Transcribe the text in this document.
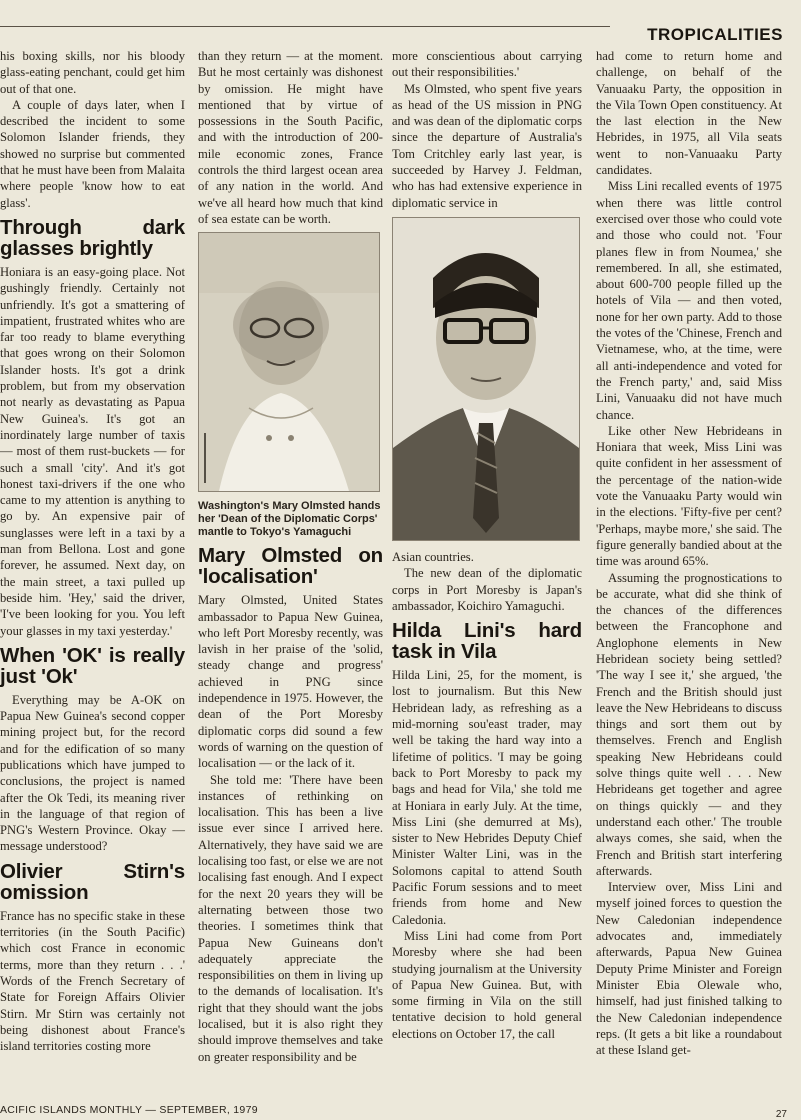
TROPICALITIES

his boxing skills, nor his bloody glass-eating penchant, could get him out of that one.

A couple of days later, when I described the incident to some Solomon Islander friends, they showed no surprise but commented that he must have been from Malaita where people 'know how to eat glass'.

Through dark glasses brightly

Honiara is an easy-going place. Not gushingly friendly. Certainly not unfriendly. It's got a smattering of impatient, frustrated whites who are far too ready to blame everything that goes wrong on their Solomon Islander hosts. It's got a drink problem, but from my observation not nearly as devastating as Papua New Guinea's. It's got an inordinately large number of taxis — most of them rust-buckets — for such a small 'city'. And it's got honest taxi-drivers if the one who came to my attention is anything to go by. An expensive pair of sunglasses were left in a taxi by a man from Bellona. Lost and gone forever, he assumed. Next day, on the main street, a taxi pulled up beside him. 'Hey,' said the driver, 'I've been looking for you. You left your glasses in my taxi yesterday.'

When 'OK' is really just 'Ok'

Everything may be A-OK on Papua New Guinea's second copper mining project but, for the record and for the edification of so many publications which have jumped to conclusions, the project is named after the Ok Tedi, its meaning river in the language of that region of PNG's Western Province. Okay — message understood?

Olivier Stirn's omission

France has no specific stake in these territories (in the South Pacific) which cost France in economic terms, more than they return . . .' Words of the French Secretary of State for Foreign Affairs Olivier Stirn. Mr Stirn was certainly not being dishonest about France's island territories costing more

than they return — at the moment. But he most certainly was dishonest by omission. He might have mentioned that by virtue of possessions in the South Pacific, and with the introduction of 200-mile economic zones, France controls the third largest ocean area of any nation in the world. And we've all heard how much that kind of sea estate can be worth.

Washington's Mary Olmsted hands her 'Dean of the Diplomatic Corps' mantle to Tokyo's Yamaguchi
Mary Olmsted on 'localisation'

Mary Olmsted, United States ambassador to Papua New Guinea, who left Port Moresby recently, was lavish in her praise of the 'solid, steady change and progress' achieved in PNG since independence in 1975. However, the dean of the Port Moresby diplomatic corps did sound a few words of warning on the question of localisation — or the lack of it.

She told me: 'There have been instances of rethinking on localisation. This has been a live issue ever since I arrived here. Alternatively, they have said we are localising too fast, or else we are not localising fast enough. And I expect for the next 20 years they will be alternating between those two theories. I sometimes think that Papua New Guineans don't adequately appreciate the responsibilities on them in living up to the demands of localisation. It's right that they should want the jobs localised, but it is also right they should improve themselves and take on greater responsibility and be

more conscientious about carrying out their responsibilities.'

Ms Olmsted, who spent five years as head of the US mission in PNG and was dean of the diplomatic corps since the departure of Australia's Tom Critchley early last year, is succeeded by Harvey J. Feldman, who has had extensive experience in diplomatic service in

Asian countries.

The new dean of the diplomatic corps in Port Moresby is Japan's ambassador, Koichiro Yamaguchi.

Hilda Lini's hard task in Vila

Hilda Lini, 25, for the moment, is lost to journalism. But this New Hebridean lady, as refreshing as a mid-morning sou'east trader, may well be taking the hard way into a lifetime of politics. 'I may be going back to Port Moresby to pack my bags and head for Vila,' she told me at Honiara in early July. At the time, Miss Lini (she demurred at Ms), sister to New Hebrides Deputy Chief Minister Walter Lini, was in the Solomons capital to attend South Pacific Forum sessions and to meet friends from home and New Caledonia.

Miss Lini had come from Port Moresby where she had been studying journalism at the University of Papua New Guinea. But, with some firming in Vila on the still tentative decision to hold general elections on October 17, the call

had come to return home and challenge, on behalf of the Vanuaaku Party, the opposition in the Vila Town Open constituency. At the last election in the New Hebrides, in 1975, all Vila seats went to non-Vanuaaku Party candidates.

Miss Lini recalled events of 1975 when there was little control exercised over those who could vote and those who could not. 'Four planes flew in from Noumea,' she remembered. In all, she estimated, about 600-700 people filled up the hotels of Vila — and then voted, none for her own party. Add to those the votes of the 'Chinese, French and Vietnamese, who, at the time, were all anti-independence and voted for the French party,' and, said Miss Lini, Vanuaaku did not have much chance.

Like other New Hebrideans in Honiara that week, Miss Lini was quite confident in her assessment of the percentage of the nation-wide vote the Vanuaaku Party would win in the elections. 'Fifty-five per cent? 'Perhaps, maybe more,' she said. The figure generally bandied about at the time was around 65%.

Assuming the prognostications to be accurate, what did she think of the chances of the differences between the Francophone and Anglophone elements in New Hebridean society being settled? 'The way I see it,' she argued, 'the French and the British should just leave the New Hebrideans to discuss things and sort them out by themselves. French and English speaking New Hebrideans could solve things quite well . . . New Hebrideans get together and agree on things quickly — and they understand each other.' The trouble always comes, she said, when the French and British start interfering afterwards.

Interview over, Miss Lini and myself joined forces to question the New Caledonian independence advocates and, immediately afterwards, Papua New Guinea Deputy Prime Minister and Foreign Minister Ebia Olewale who, himself, had just finished talking to the New Caledonian independence reps. (It gets a bit like a roundabout at these Island get-

ACIFIC ISLANDS MONTHLY — SEPTEMBER, 1979	27
